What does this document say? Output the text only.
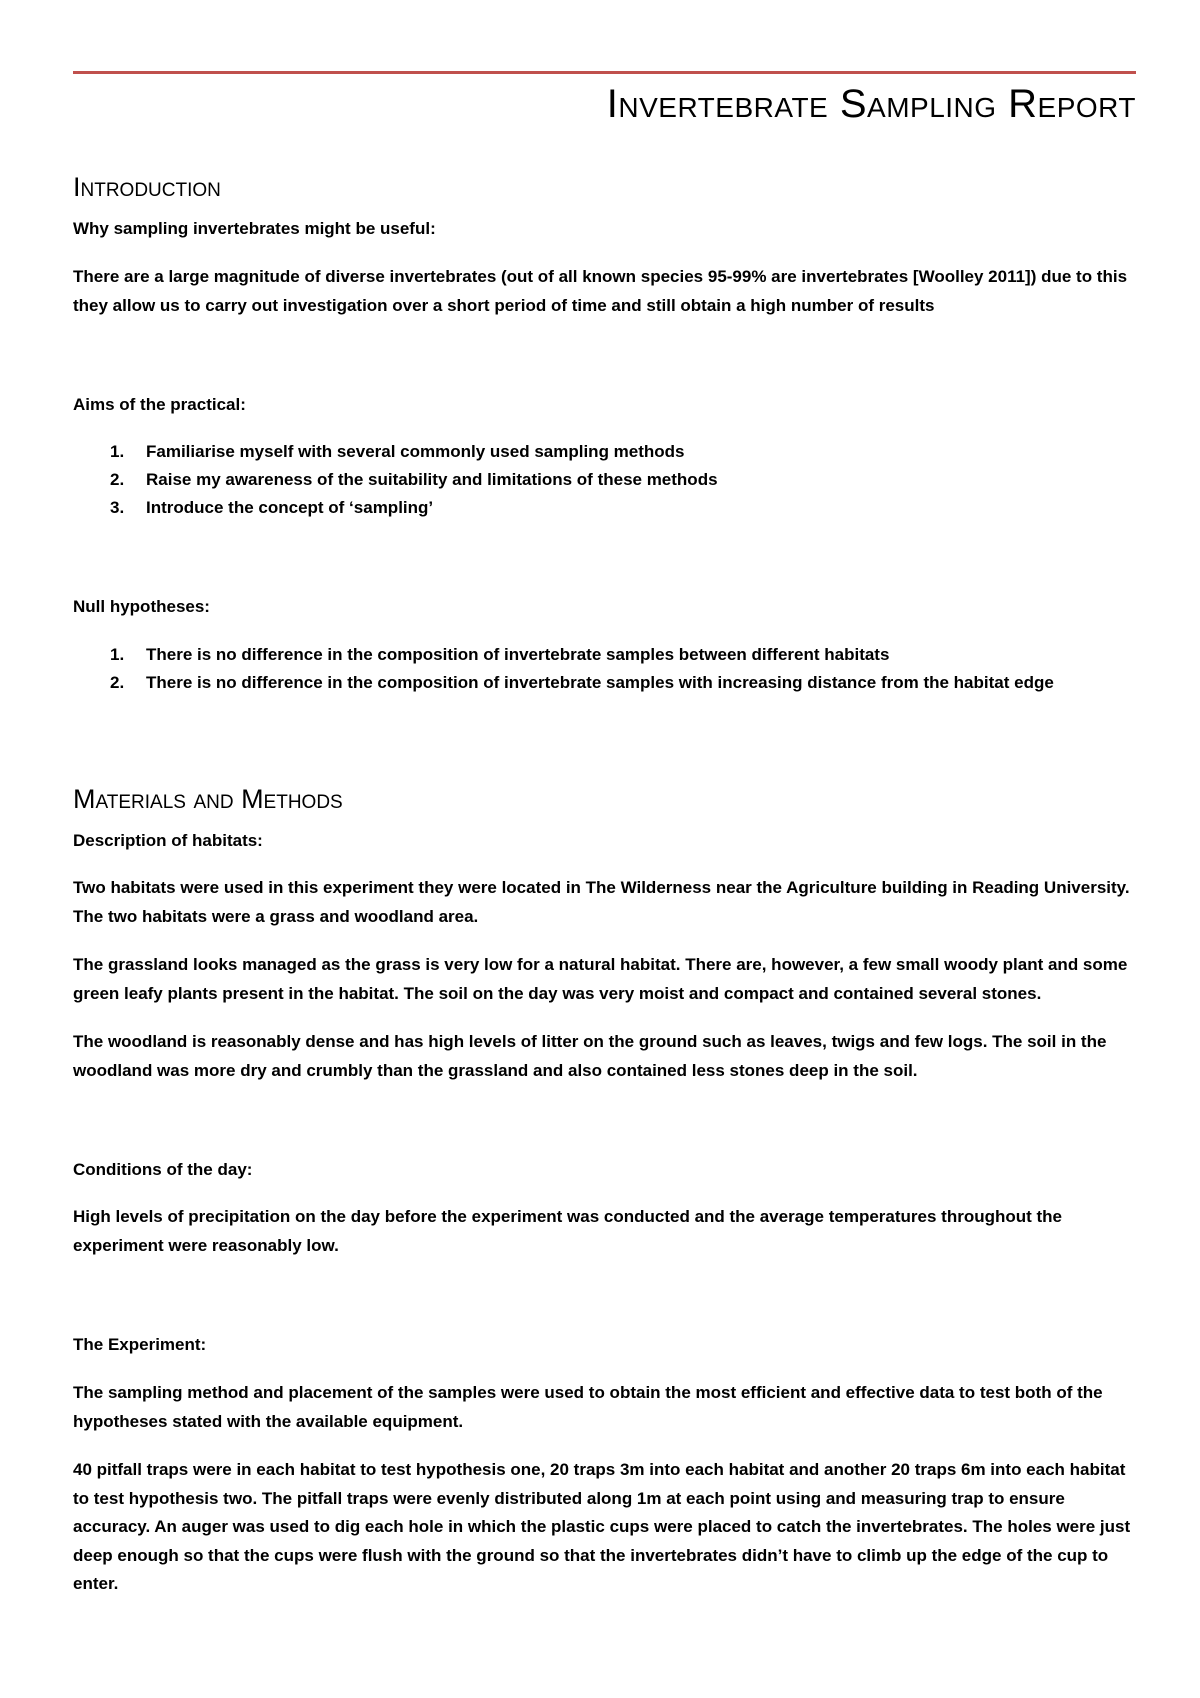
Invertebrate Sampling Report
Introduction

Why sampling invertebrates might be useful:

There are a large magnitude of diverse invertebrates (out of all known species 95-99% are invertebrates [Woolley 2011]) due to this they allow us to carry out investigation over a short period of time and still obtain a high number of results

Aims of the practical:

1. Familiarise myself with several commonly used sampling methods
2. Raise my awareness of the suitability and limitations of these methods
3. Introduce the concept of ‘sampling’

Null hypotheses:

1. There is no difference in the composition of invertebrate samples between different habitats
2. There is no difference in the composition of invertebrate samples with increasing distance from the habitat edge
Materials and Methods

Description of habitats:

Two habitats were used in this experiment they were located in The Wilderness near the Agriculture building in Reading University. The two habitats were a grass and woodland area.

The grassland looks managed as the grass is very low for a natural habitat. There are, however, a few small woody plant and some green leafy plants present in the habitat. The soil on the day was very moist and compact and contained several stones.

The woodland is reasonably dense and has high levels of litter on the ground such as leaves, twigs and few logs. The soil in the woodland was more dry and crumbly than the grassland and also contained less stones deep in the soil.

Conditions of the day:

High levels of precipitation on the day before the experiment was conducted and the average temperatures throughout the experiment were reasonably low.

The Experiment:

The sampling method and placement of the samples were used to obtain the most efficient and effective data to test both of the hypotheses stated with the available equipment.

40 pitfall traps were in each habitat to test hypothesis one, 20 traps 3m into each habitat and another 20 traps 6m into each habitat to test hypothesis two. The pitfall traps were evenly distributed along 1m at each point using and measuring trap to ensure accuracy. An auger was used to dig each hole in which the plastic cups were placed to catch the invertebrates. The holes were just deep enough so that the cups were flush with the ground so that the invertebrates didn’t have to climb up the edge of the cup to enter.
